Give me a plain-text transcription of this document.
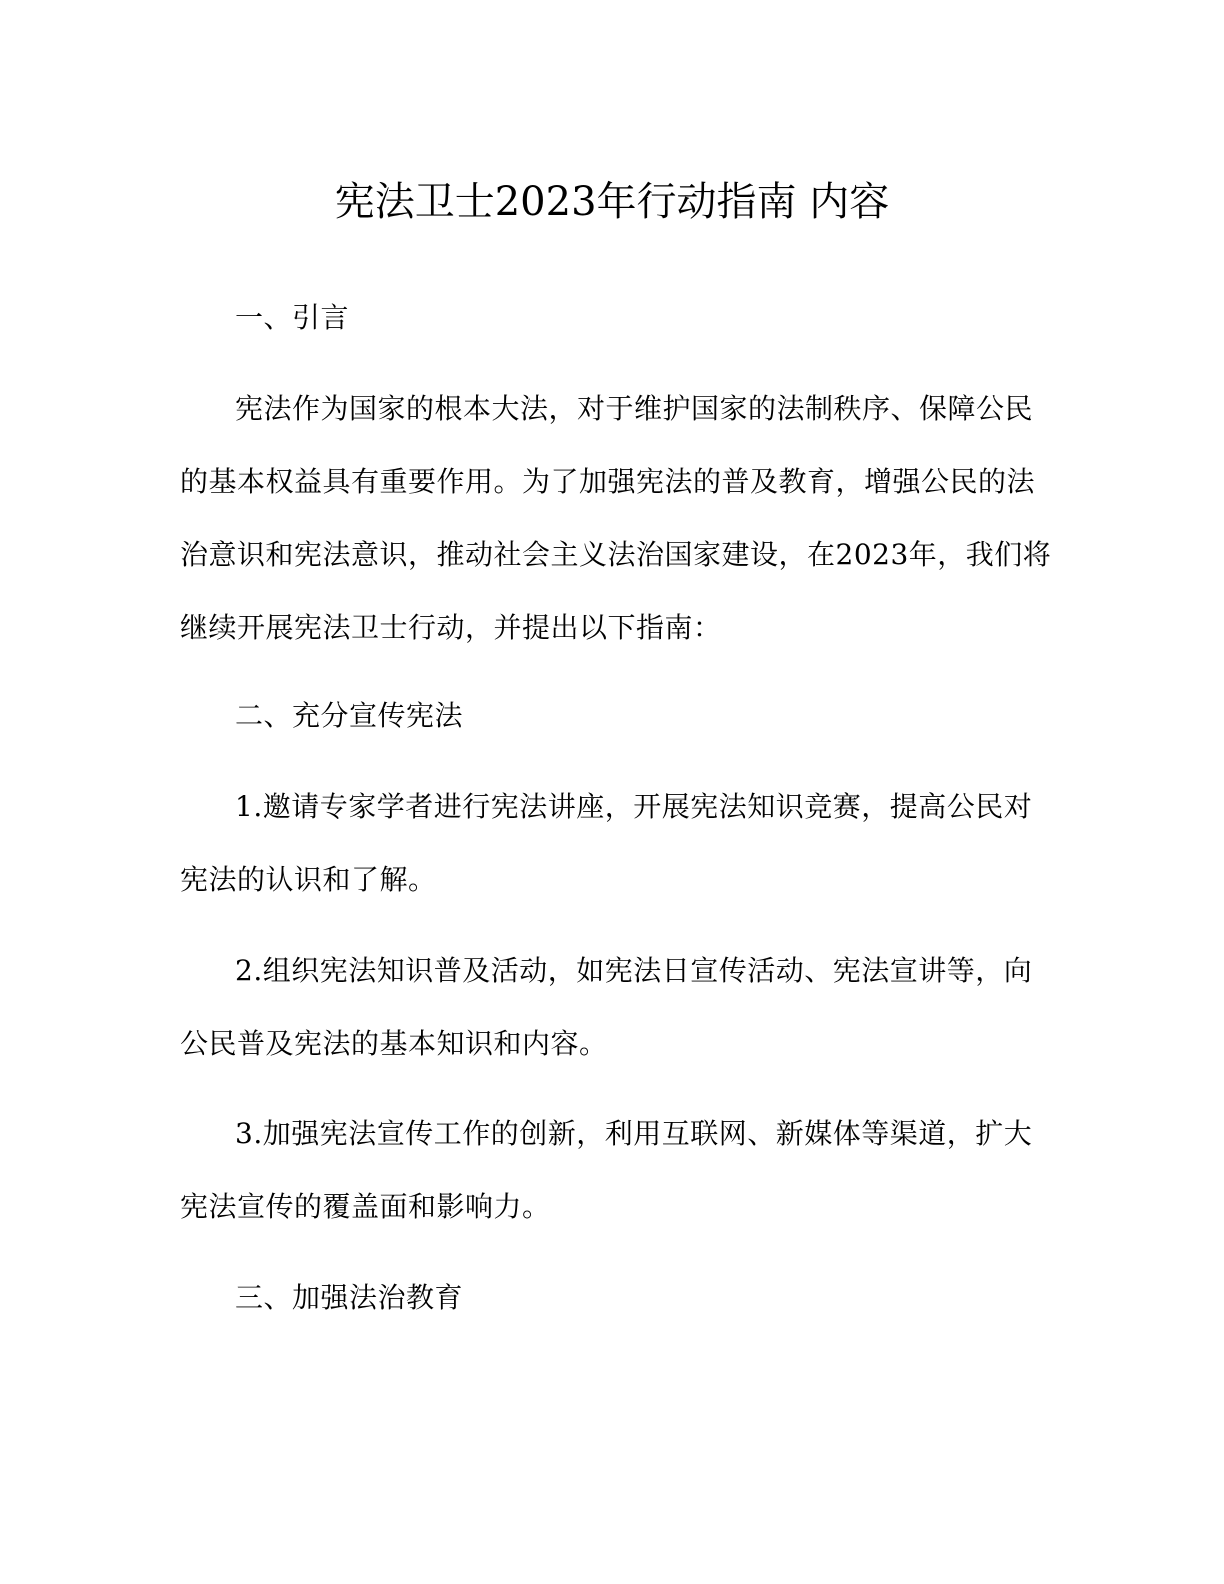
宪法卫士2023年行动指南 内容
一、引言
宪法作为国家的根本大法，对于维护国家的法制秩序、保障公民
的基本权益具有重要作用。为了加强宪法的普及教育，增强公民的法
治意识和宪法意识，推动社会主义法治国家建设，在2023年，我们将
继续开展宪法卫士行动，并提出以下指南：
二、充分宣传宪法
1.邀请专家学者进行宪法讲座，开展宪法知识竞赛，提高公民对
宪法的认识和了解。
2.组织宪法知识普及活动，如宪法日宣传活动、宪法宣讲等，向
公民普及宪法的基本知识和内容。
3.加强宪法宣传工作的创新，利用互联网、新媒体等渠道，扩大
宪法宣传的覆盖面和影响力。
三、加强法治教育
